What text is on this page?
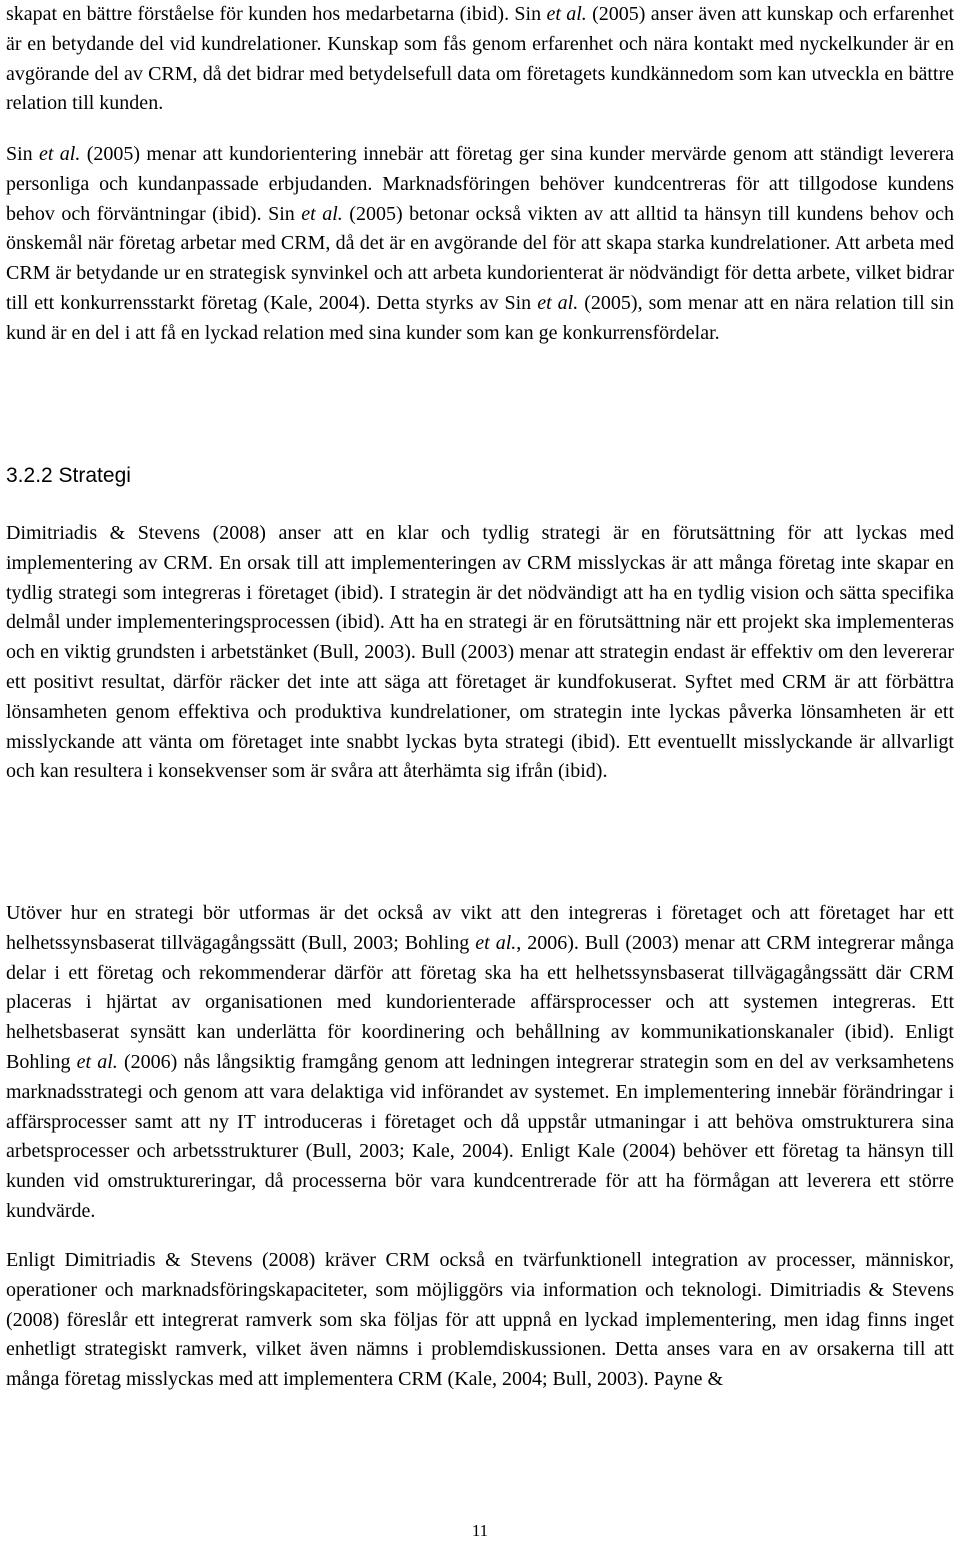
skapat en bättre förståelse för kunden hos medarbetarna (ibid). Sin et al. (2005) anser även att kunskap och erfarenhet är en betydande del vid kundrelationer. Kunskap som fås genom erfarenhet och nära kontakt med nyckelkunder är en avgörande del av CRM, då det bidrar med betydelsefull data om företagets kundkännedom som kan utveckla en bättre relation till kunden.

Sin et al. (2005) menar att kundorientering innebär att företag ger sina kunder mervärde genom att ständigt leverera personliga och kundanpassade erbjudanden. Marknadsföringen behöver kundcentreras för att tillgodose kundens behov och förväntningar (ibid). Sin et al. (2005) betonar också vikten av att alltid ta hänsyn till kundens behov och önskemål när företag arbetar med CRM, då det är en avgörande del för att skapa starka kundrelationer. Att arbeta med CRM är betydande ur en strategisk synvinkel och att arbeta kundorienterat är nödvändigt för detta arbete, vilket bidrar till ett konkurrensstarkt företag (Kale, 2004). Detta styrks av Sin et al. (2005), som menar att en nära relation till sin kund är en del i att få en lyckad relation med sina kunder som kan ge konkurrensfördelar.

3.2.2 Strategi

Dimitriadis & Stevens (2008) anser att en klar och tydlig strategi är en förutsättning för att lyckas med implementering av CRM. En orsak till att implementeringen av CRM misslyckas är att många företag inte skapar en tydlig strategi som integreras i företaget (ibid). I strategin är det nödvändigt att ha en tydlig vision och sätta specifika delmål under implementeringsprocessen (ibid). Att ha en strategi är en förutsättning när ett projekt ska implementeras och en viktig grundsten i arbetstänket (Bull, 2003). Bull (2003) menar att strategin endast är effektiv om den levererar ett positivt resultat, därför räcker det inte att säga att företaget är kundfokuserat. Syftet med CRM är att förbättra lönsamheten genom effektiva och produktiva kundrelationer, om strategin inte lyckas påverka lönsamheten är ett misslyckande att vänta om företaget inte snabbt lyckas byta strategi (ibid). Ett eventuellt misslyckande är allvarligt och kan resultera i konsekvenser som är svåra att återhämta sig ifrån (ibid).

Utöver hur en strategi bör utformas är det också av vikt att den integreras i företaget och att företaget har ett helhetssynsbaserat tillvägagångssätt (Bull, 2003; Bohling et al., 2006). Bull (2003) menar att CRM integrerar många delar i ett företag och rekommenderar därför att företag ska ha ett helhetssynsbaserat tillvägagångssätt där CRM placeras i hjärtat av organisationen med kundorienterade affärsprocesser och att systemen integreras. Ett helhetsbaserat synsätt kan underlätta för koordinering och behållning av kommunikationskanaler (ibid). Enligt Bohling et al. (2006) nås långsiktig framgång genom att ledningen integrerar strategin som en del av verksamhetens marknadsstrategi och genom att vara delaktiga vid införandet av systemet. En implementering innebär förändringar i affärsprocesser samt att ny IT introduceras i företaget och då uppstår utmaningar i att behöva omstrukturera sina arbetsprocesser och arbetsstrukturer (Bull, 2003; Kale, 2004). Enligt Kale (2004) behöver ett företag ta hänsyn till kunden vid omstruktureringar, då processerna bör vara kundcentrerade för att ha förmågan att leverera ett större kundvärde.

Enligt Dimitriadis & Stevens (2008) kräver CRM också en tvärfunktionell integration av processer, människor, operationer och marknadsföringskapaciteter, som möjliggörs via information och teknologi. Dimitriadis & Stevens (2008) föreslår ett integrerat ramverk som ska följas för att uppnå en lyckad implementering, men idag finns inget enhetligt strategiskt ramverk, vilket även nämns i problemdiskussionen. Detta anses vara en av orsakerna till att många företag misslyckas med att implementera CRM (Kale, 2004; Bull, 2003). Payne &

11
